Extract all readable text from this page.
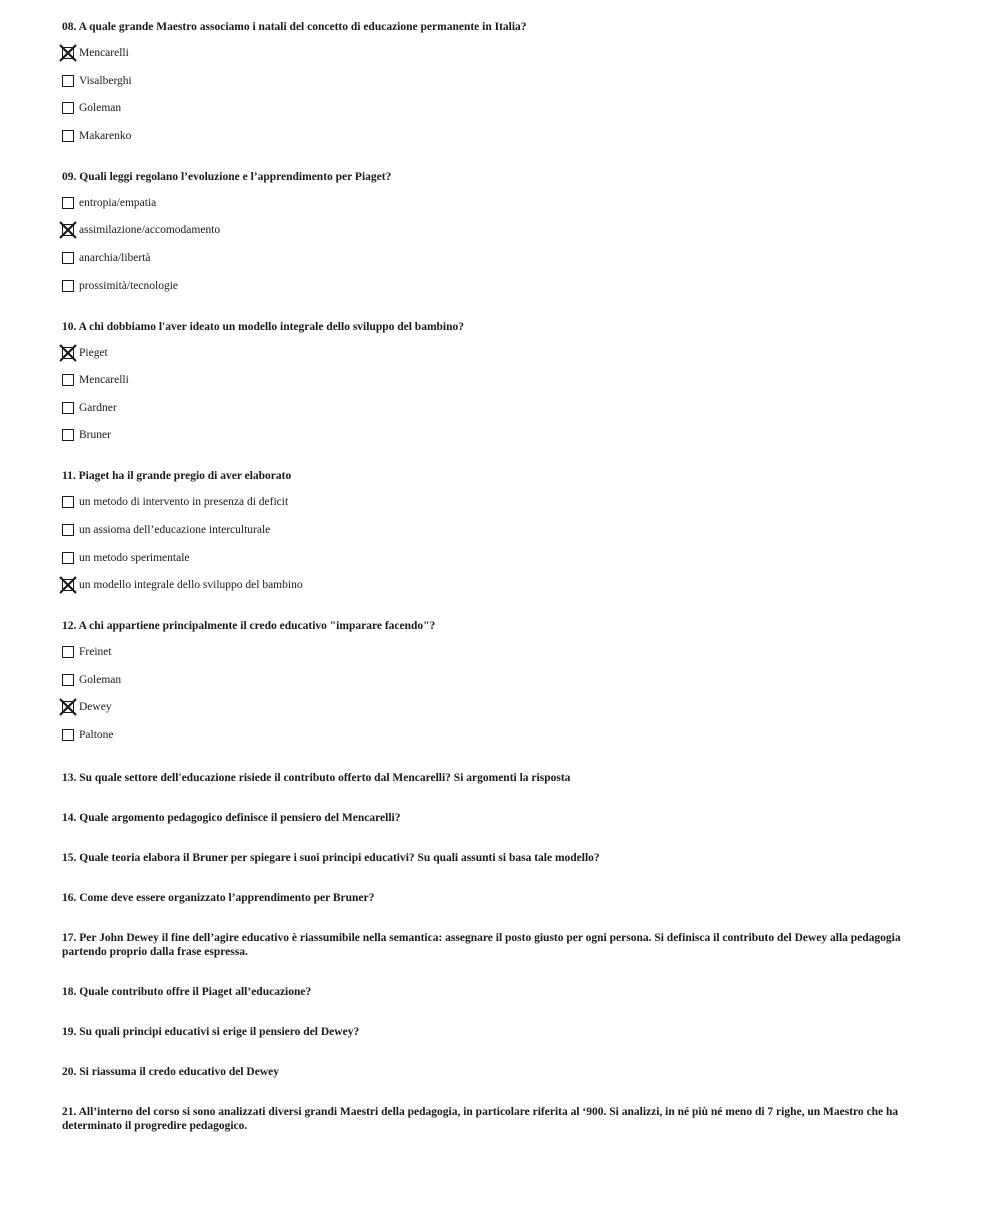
08. A quale grande Maestro associamo i natali del concetto di educazione permanente in Italia?

Mencarelli
Visalberghi
Goleman
Makarenko

09. Quali leggi regolano l’evoluzione e l’apprendimento per Piaget?

entropia/empatia
assimilazione/accomodamento
anarchia/libertà
prossimità/tecnologie

10. A chi dobbiamo l'aver ideato un modello integrale dello sviluppo del bambino?

Pieget
Mencarelli
Gardner
Bruner

11. Piaget ha il grande pregio di aver elaborato

un metodo di intervento in presenza di deficit
un assioma dell’educazione interculturale
un metodo sperimentale
un modello integrale dello sviluppo del bambino

12. A chi appartiene principalmente il credo educativo "imparare facendo"?

Freinet
Goleman
Dewey
Paltone

13. Su quale settore dell'educazione risiede il contributo offerto dal Mencarelli? Si argomenti la risposta

14. Quale argomento pedagogico definisce il pensiero del Mencarelli?

15. Quale teoria elabora il Bruner per spiegare i suoi principi educativi? Su quali assunti si basa tale modello?

16. Come deve essere organizzato l’apprendimento per Bruner?

17. Per John Dewey il fine dell’agire educativo è riassumibile nella semantica: assegnare il posto giusto per ogni persona. Si definisca il contributo del Dewey alla pedagogia partendo proprio dalla frase espressa.

18. Quale contributo offre il Piaget all’educazione?

19. Su quali principi educativi si erige il pensiero del Dewey?

20. Si riassuma il credo educativo del Dewey

21. All’interno del corso si sono analizzati diversi grandi Maestri della pedagogia, in particolare riferita al ‘900. Si analizzi, in né più né meno di 7 righe, un Maestro che ha determinato il progredire pedagogico.
